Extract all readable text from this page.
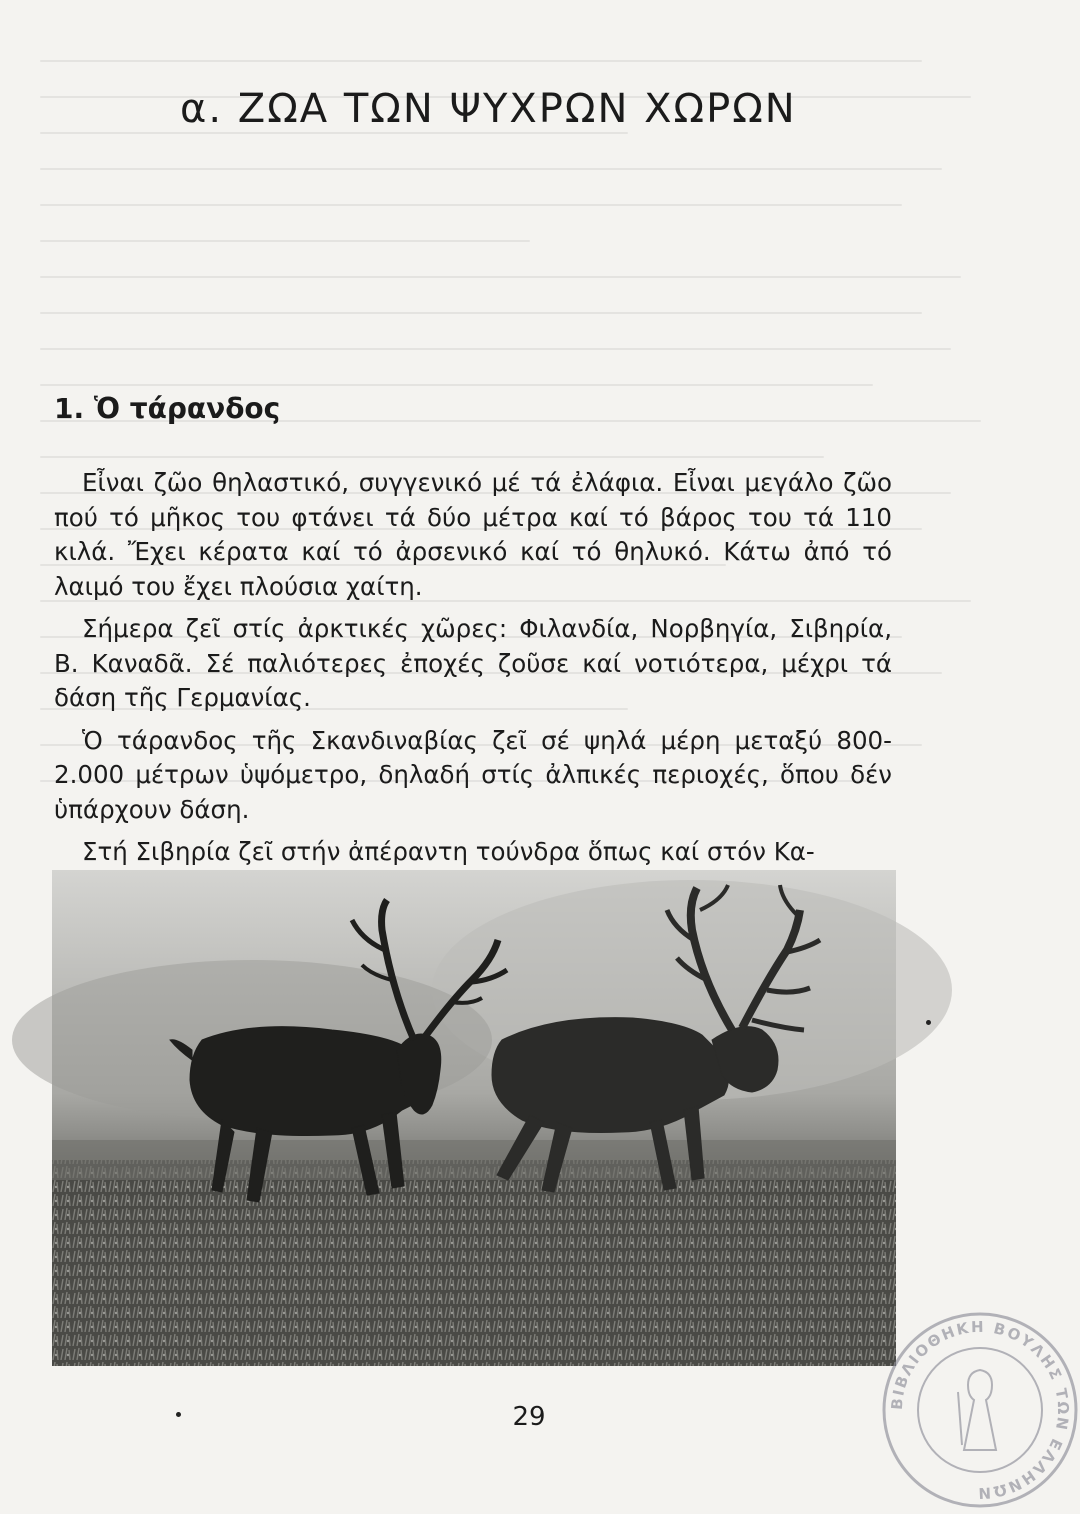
α. ΖΩΑ ΤΩΝ ΨΥΧΡΩΝ ΧΩΡΩΝ
1. Ὁ τάρανδος

Εἶναι ζῶο θηλαστικό, συγγενικό μέ τά ἐλάφια. Εἶναι μεγάλο ζῶο πού τό μῆκος του φτάνει τά δύο μέτρα καί τό βάρος του τά 110 κιλά. Ἔχει κέρατα καί τό ἀρσενικό καί τό θηλυκό. Κάτω ἀπό τό λαιμό του ἔχει πλούσια χαίτη.

Σήμερα ζεῖ στίς ἀρκτικές χῶρες: Φιλανδία, Νορβηγία, Σιβηρία, Β. Καναδᾶ. Σέ παλιότερες ἐποχές ζοῦσε καί νοτιότερα, μέχρι τά δάση τῆς Γερμανίας.

Ὁ τάρανδος τῆς Σκανδιναβίας ζεῖ σέ ψηλά μέρη μεταξύ 800-2.000 μέτρων ὑψόμετρο, δηλαδή στίς ἀλπικές περιοχές, ὅπου δέν ὑπάρχουν δάση.

Στή Σιβηρία ζεῖ στήν ἀπέραντη τούνδρα ὅπως καί στόν Κα-

29	ΒΙΒΛΙΟΘΗΚΗ ΒΟΥΛΗΣ ΤΩΝ ΕΛΛΗΝΩΝ
